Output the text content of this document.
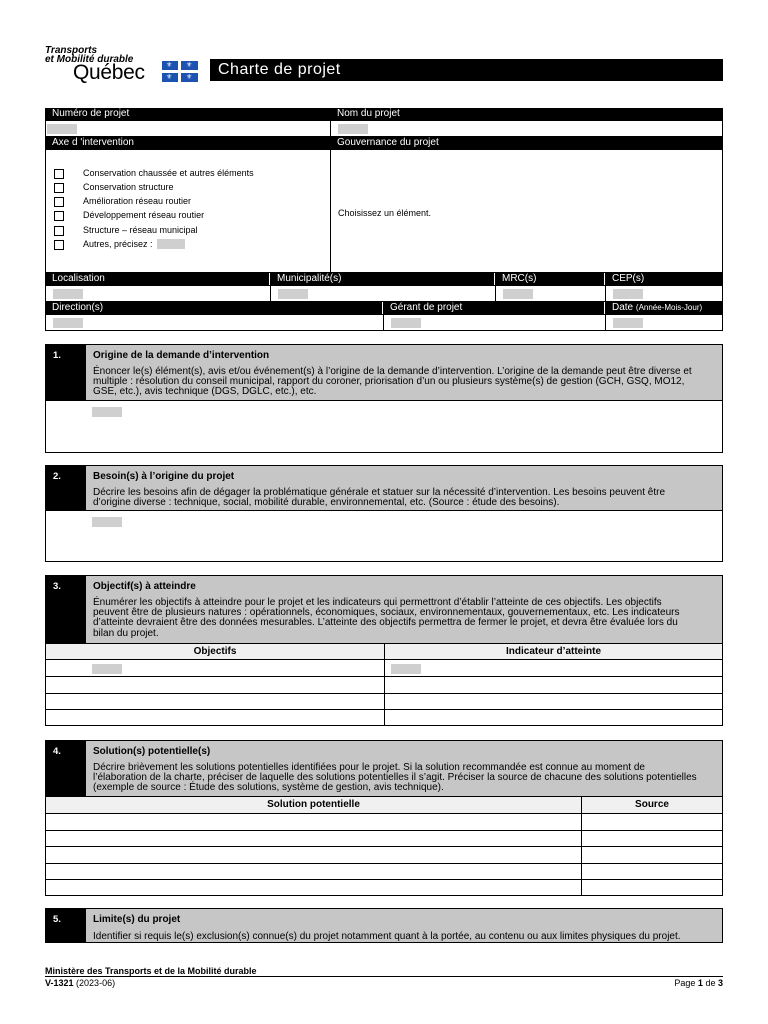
Transports
et Mobilité durable
Québec	⚜ ⚜
⚜ ⚜	Charte de projet
Numéro de projet	Nom du projet
Axe d 'intervention	Gouvernance du projet
Choisissez un élément.
Conservation chaussée et autres éléments
Conservation structure
Amélioration réseau routier
Développement réseau routier
Structure – réseau municipal
Autres, précisez :
Localisation	Municipalité(s)	MRC(s)	CEP(s)
Direction(s)	Gérant de projet	Date (Année-Mois-Jour)
1.	Origine de la demande d’intervention
Énoncer le(s) élément(s), avis et/ou événement(s) à l’origine de la demande d’intervention. L’origine de la demande peut être diverse et
multiple : résolution du conseil municipal, rapport du coroner, priorisation d’un ou plusieurs système(s) de gestion (GCH, GSQ, MO12,
GSE, etc.), avis technique (DGS, DGLC, etc.), etc.
2.	Besoin(s) à l’origine du projet
Décrire les besoins afin de dégager la problématique générale et statuer sur la nécessité d’intervention. Les besoins peuvent être
d’origine diverse : technique, social, mobilité durable, environnemental, etc. (Source : étude des besoins).
3.	Objectif(s) à atteindre
Énumérer les objectifs à atteindre pour le projet et les indicateurs qui permettront d’établir l’atteinte de ces objectifs. Les objectifs
peuvent être de plusieurs natures : opérationnels, économiques, sociaux, environnementaux, gouvernementaux, etc. Les indicateurs
d’atteinte devraient être des données mesurables. L’atteinte des objectifs permettra de fermer le projet, et devra être évaluée lors du
bilan du projet.
Objectifs	Indicateur d’atteinte
4.	Solution(s) potentielle(s)
Décrire brièvement les solutions potentielles identifiées pour le projet. Si la solution recommandée est connue au moment de
l’élaboration de la charte, préciser de laquelle des solutions potentielles il s’agit. Préciser la source de chacune des solutions potentielles
(exemple de source : Étude des solutions, système de gestion, avis technique).
Solution potentielle	Source
5.	Limite(s) du projet
Identifier si requis le(s) exclusion(s) connue(s) du projet notamment quant à la portée, au contenu ou aux limites physiques du projet.
Ministère des Transports et de la Mobilité durable
V-1321 (2023-06)	Page 1 de 3
